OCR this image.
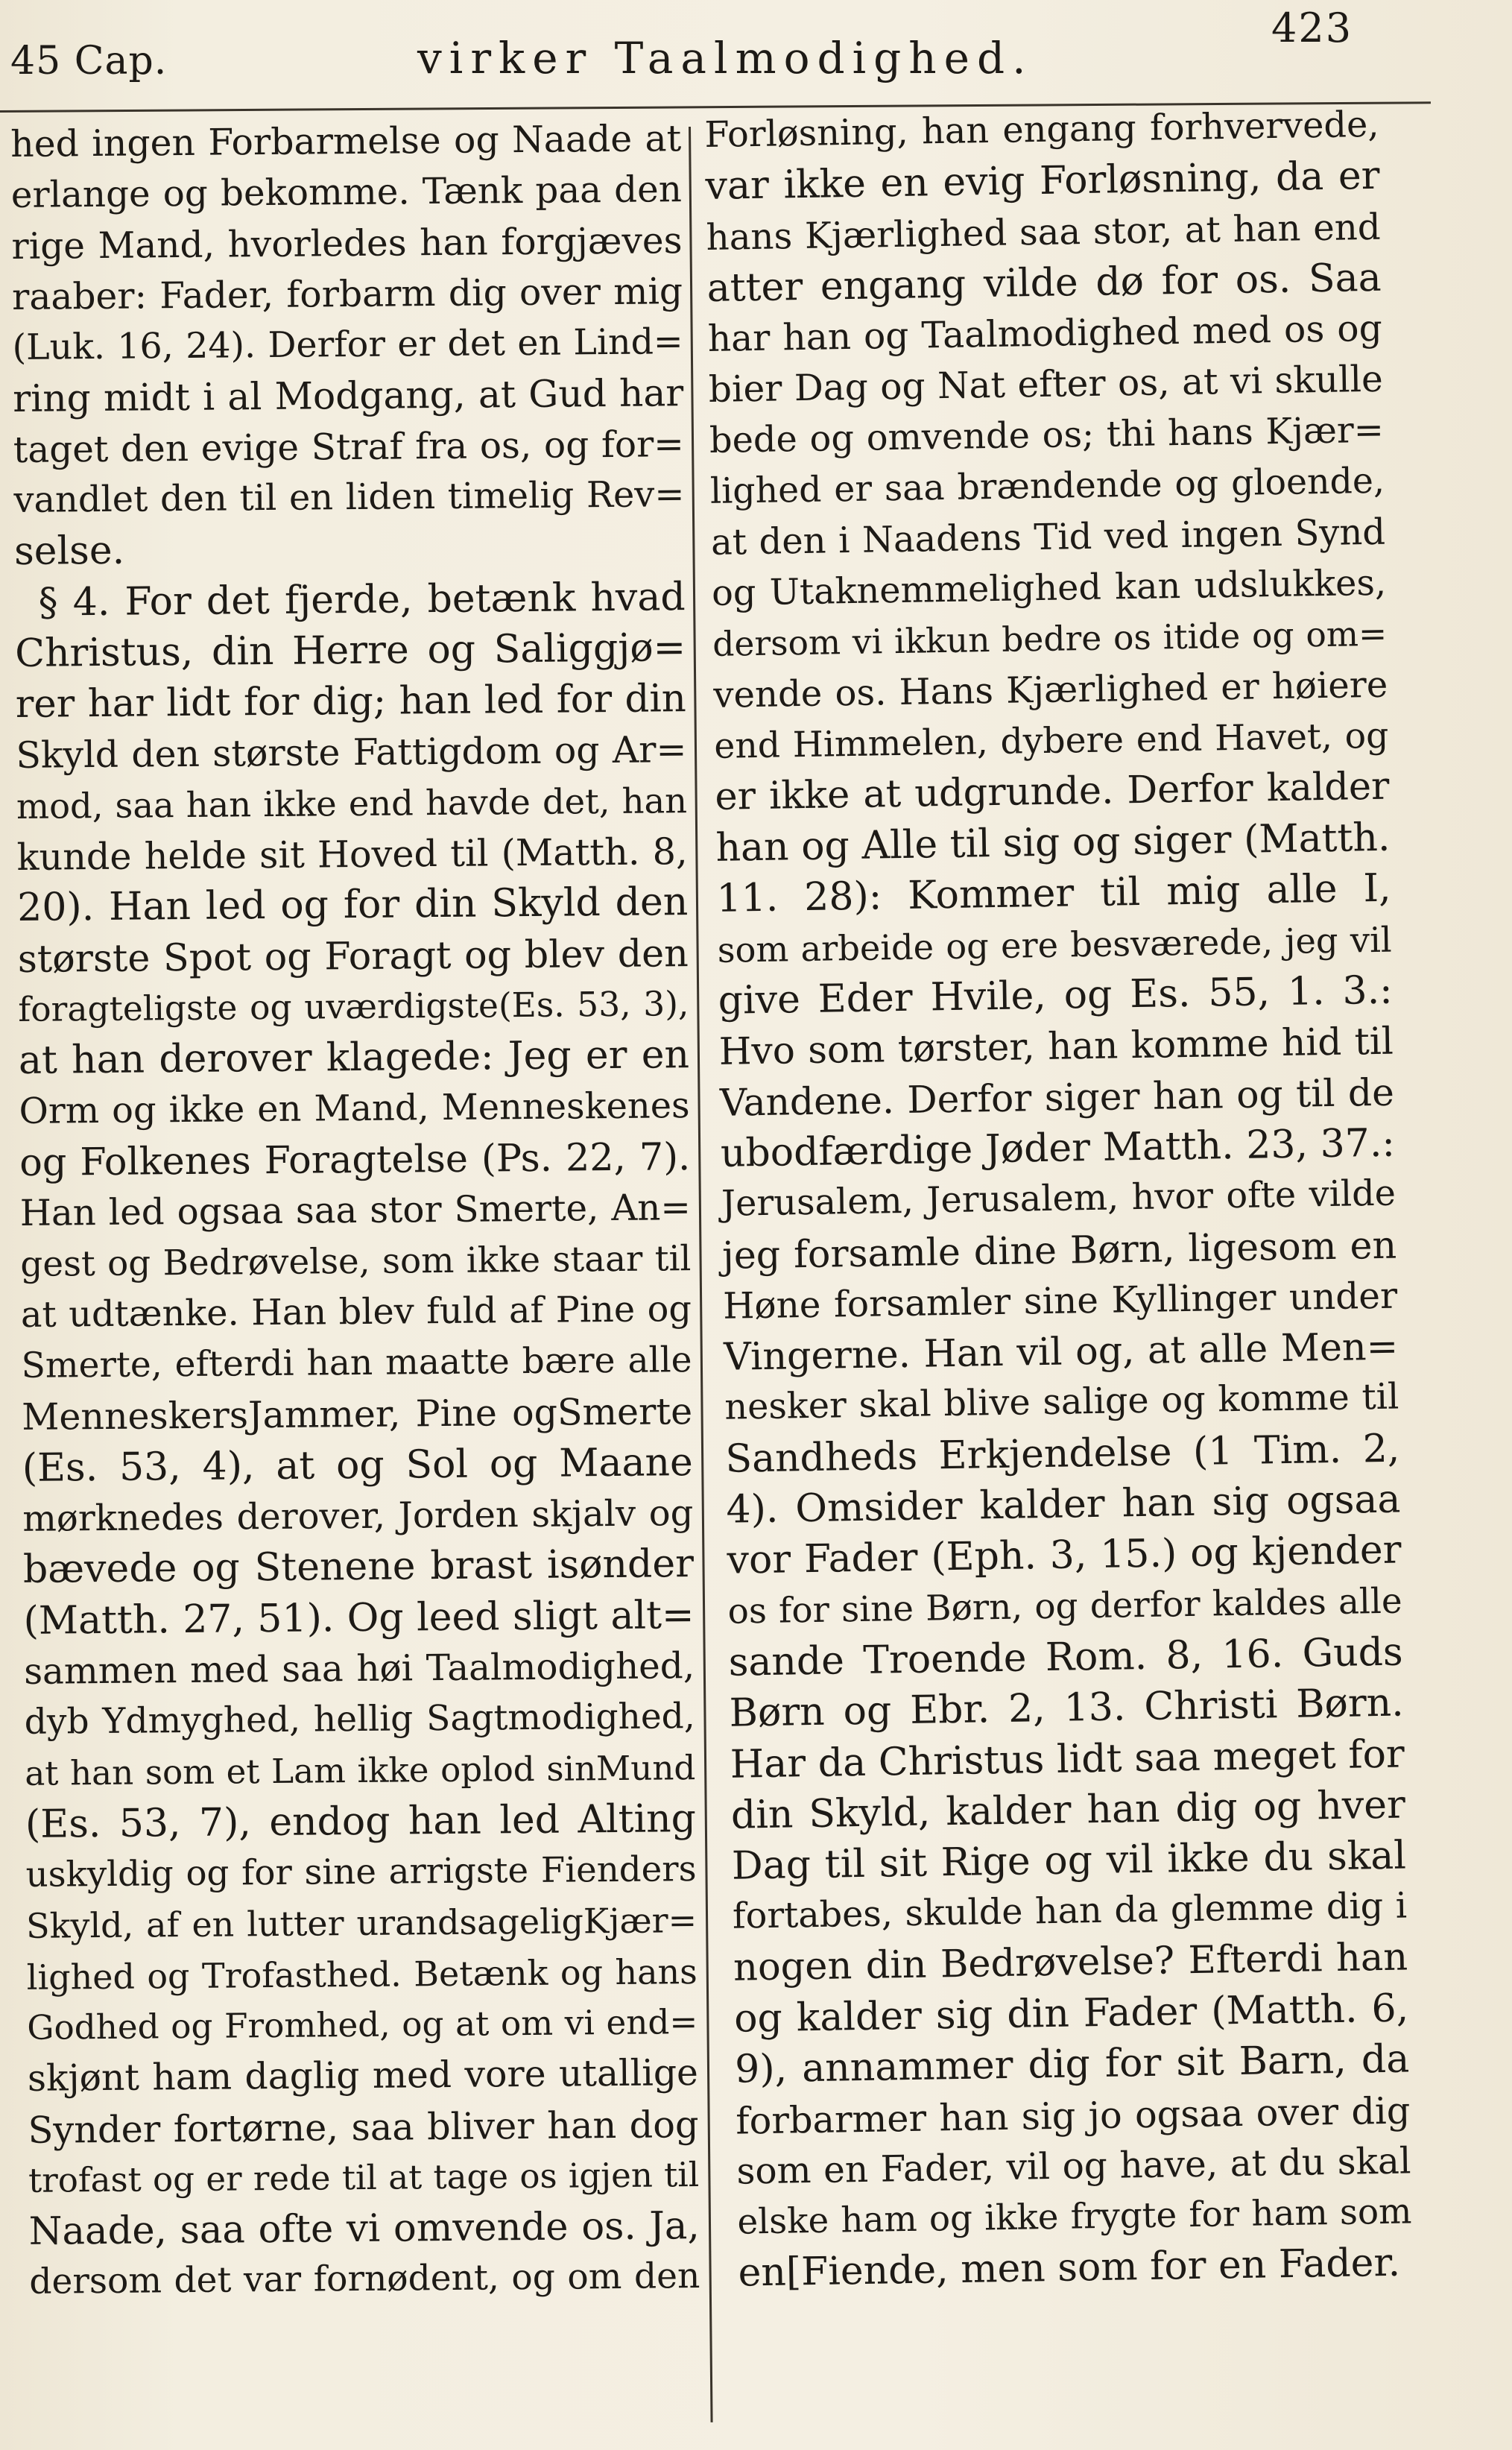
45 Cap.	virker Taalmodighed.
423
hed ingen Forbarmelse og Naade at
erlange og bekomme. Tænk paa den
rige Mand, hvorledes han forgjæves
raaber: Fader, forbarm dig over mig
(Luk. 16, 24). Derfor er det en Lind=
ring midt i al Modgang, at Gud har
taget den evige Straf fra os, og for=
vandlet den til en liden timelig Rev=
selse.
§ 4. For det fjerde, betænk hvad
Christus, din Herre og Saliggjø=
rer har lidt for dig; han led for din
Skyld den største Fattigdom og Ar=
mod, saa han ikke end havde det, han
kunde helde sit Hoved til (Matth. 8,
20). Han led og for din Skyld den
største Spot og Foragt og blev den
foragteligste og uværdigste(Es. 53, 3),
at han derover klagede: Jeg er en
Orm og ikke en Mand, Menneskenes
og Folkenes Foragtelse (Ps. 22, 7).
Han led ogsaa saa stor Smerte, An=
gest og Bedrøvelse, som ikke staar til
at udtænke. Han blev fuld af Pine og
Smerte, efterdi han maatte bære alle
MenneskersJammer, Pine ogSmerte
(Es. 53, 4), at og Sol og Maane
mørknedes derover, Jorden skjalv og
bævede og Stenene brast isønder
(Matth. 27, 51). Og leed sligt alt=
sammen med saa høi Taalmodighed,
dyb Ydmyghed, hellig Sagtmodighed,
at han som et Lam ikke oplod sinMund
(Es. 53, 7), endog han led Alting
uskyldig og for sine arrigste Fienders
Skyld, af en lutter urandsageligKjær=
lighed og Trofasthed. Betænk og hans
Godhed og Fromhed, og at om vi end=
skjønt ham daglig med vore utallige
Synder fortørne, saa bliver han dog
trofast og er rede til at tage os igjen til
Naade, saa ofte vi omvende os. Ja,
dersom det var fornødent, og om den
Forløsning, han engang forhvervede,
var ikke en evig Forløsning, da er
hans Kjærlighed saa stor, at han end
atter engang vilde dø for os. Saa
har han og Taalmodighed med os og
bier Dag og Nat efter os, at vi skulle
bede og omvende os; thi hans Kjær=
lighed er saa brændende og gloende,
at den i Naadens Tid ved ingen Synd
og Utaknemmelighed kan udslukkes,
dersom vi ikkun bedre os itide og om=
vende os. Hans Kjærlighed er høiere
end Himmelen, dybere end Havet, og
er ikke at udgrunde. Derfor kalder
han og Alle til sig og siger (Matth.
11. 28): Kommer til mig alle I,
som arbeide og ere besværede, jeg vil
give Eder Hvile, og Es. 55, 1. 3.:
Hvo som tørster, han komme hid til
Vandene. Derfor siger han og til de
ubodfærdige Jøder Matth. 23, 37.:
Jerusalem, Jerusalem, hvor ofte vilde
jeg forsamle dine Børn, ligesom en
Høne forsamler sine Kyllinger under
Vingerne. Han vil og, at alle Men=
nesker skal blive salige og komme til
Sandheds Erkjendelse (1 Tim. 2,
4). Omsider kalder han sig ogsaa
vor Fader (Eph. 3, 15.) og kjender
os for sine Børn, og derfor kaldes alle
sande Troende Rom. 8, 16. Guds
Børn og Ebr. 2, 13. Christi Børn.
Har da Christus lidt saa meget for
din Skyld, kalder han dig og hver
Dag til sit Rige og vil ikke du skal
fortabes, skulde han da glemme dig i
nogen din Bedrøvelse? Efterdi han
og kalder sig din Fader (Matth. 6,
9), annammer dig for sit Barn, da
forbarmer han sig jo ogsaa over dig
som en Fader, vil og have, at du skal
elske ham og ikke frygte for ham som
en[Fiende, men som for en Fader.
